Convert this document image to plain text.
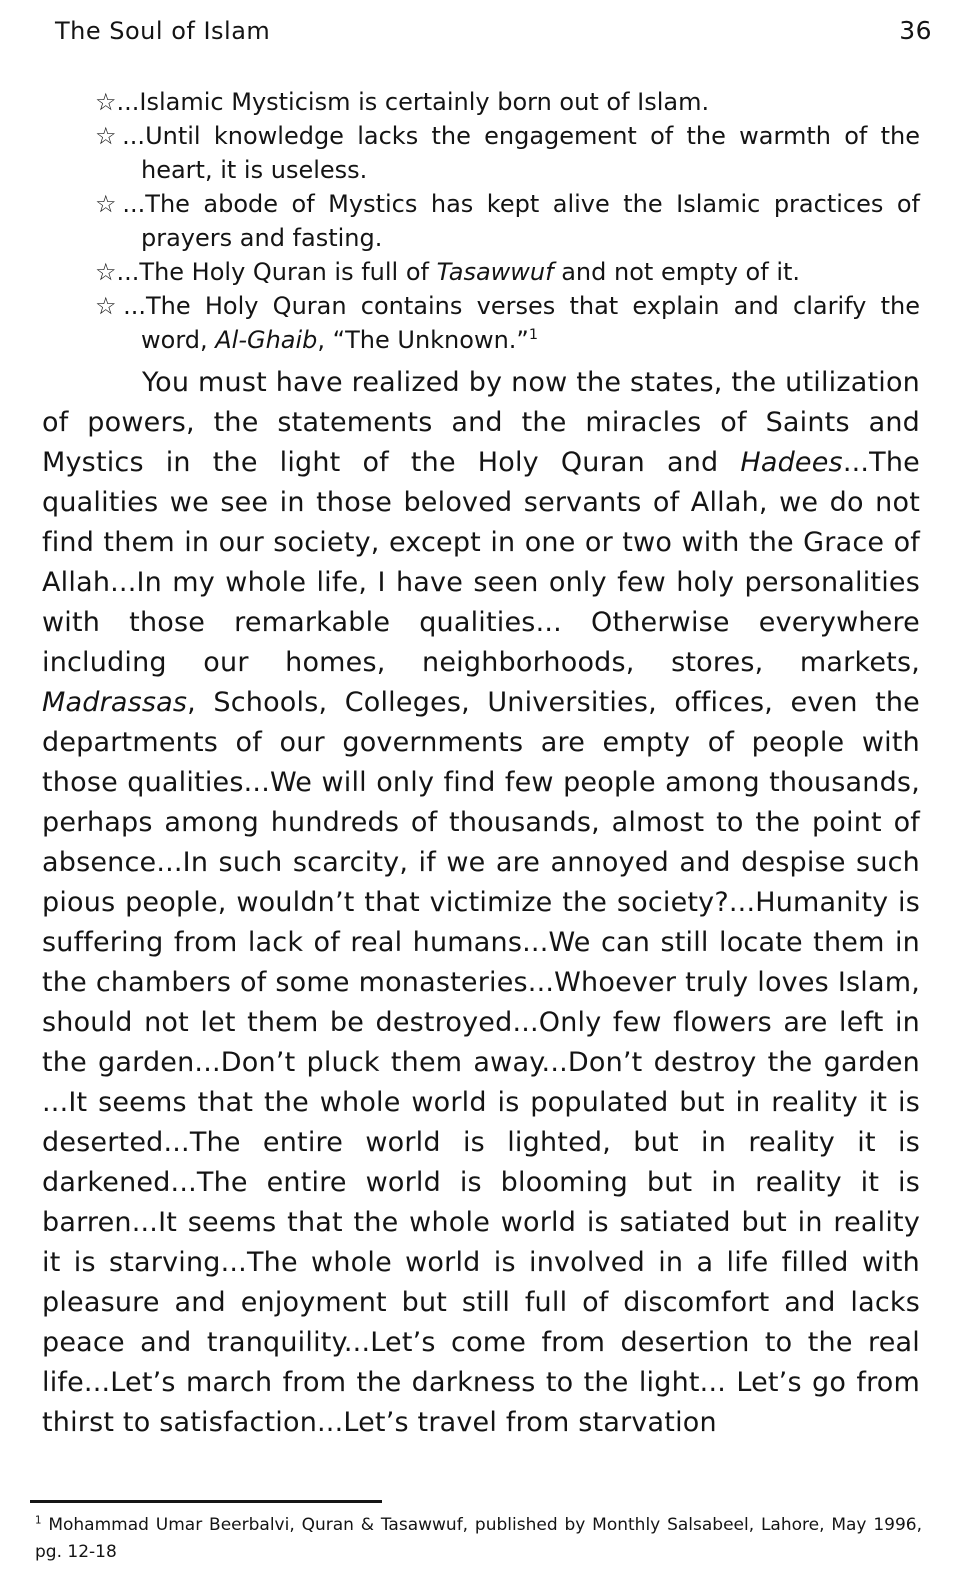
The Soul of Islam	36
☆...Islamic Mysticism is certainly born out of Islam.
☆...Until knowledge lacks the engagement of the warmth of the heart, it is useless.
☆...The abode of Mystics has kept alive the Islamic practices of prayers and fasting.
☆...The Holy Quran is full of Tasawwuf and not empty of it.
☆...The Holy Quran contains verses that explain and clarify the word, Al-Ghaib, “The Unknown.”$^1$

You must have realized by now the states, the utilization of powers, the statements and the miracles of Saints and Mystics in the light of the Holy Quran and Hadees...The qualities we see in those beloved servants of Allah, we do not find them in our society, except in one or two with the Grace of Allah...In my whole life, I have seen only few holy personalities with those remarkable qualities... Otherwise everywhere including our homes, neighborhoods, stores, markets, Madrassas, Schools, Colleges, Universities, offices, even the departments of our governments are empty of people with those qualities...We will only find few people among thousands, perhaps among hundreds of thousands, almost to the point of absence...In such scarcity, if we are annoyed and despise such pious people, wouldn’t that victimize the society?...Humanity is suffering from lack of real humans...We can still locate them in the chambers of some monasteries...Whoever truly loves Islam, should not let them be destroyed...Only few flowers are left in the garden...Don’t pluck them away...Don’t destroy the garden ...It seems that the whole world is populated but in reality it is deserted...The entire world is lighted, but in reality it is darkened...The entire world is blooming but in reality it is barren...It seems that the whole world is satiated but in reality it is starving...The whole world is involved in a life filled with pleasure and enjoyment but still full of discomfort and lacks peace and tranquility...Let’s come from desertion to the real life...Let’s march from the darkness to the light... Let’s go from thirst to satisfaction...Let’s travel from starvation

$^1$ Mohammad Umar Beerbalvi, Quran & Tasawwuf, published by Monthly Salsabeel, Lahore, May 1996, pg. 12-18
